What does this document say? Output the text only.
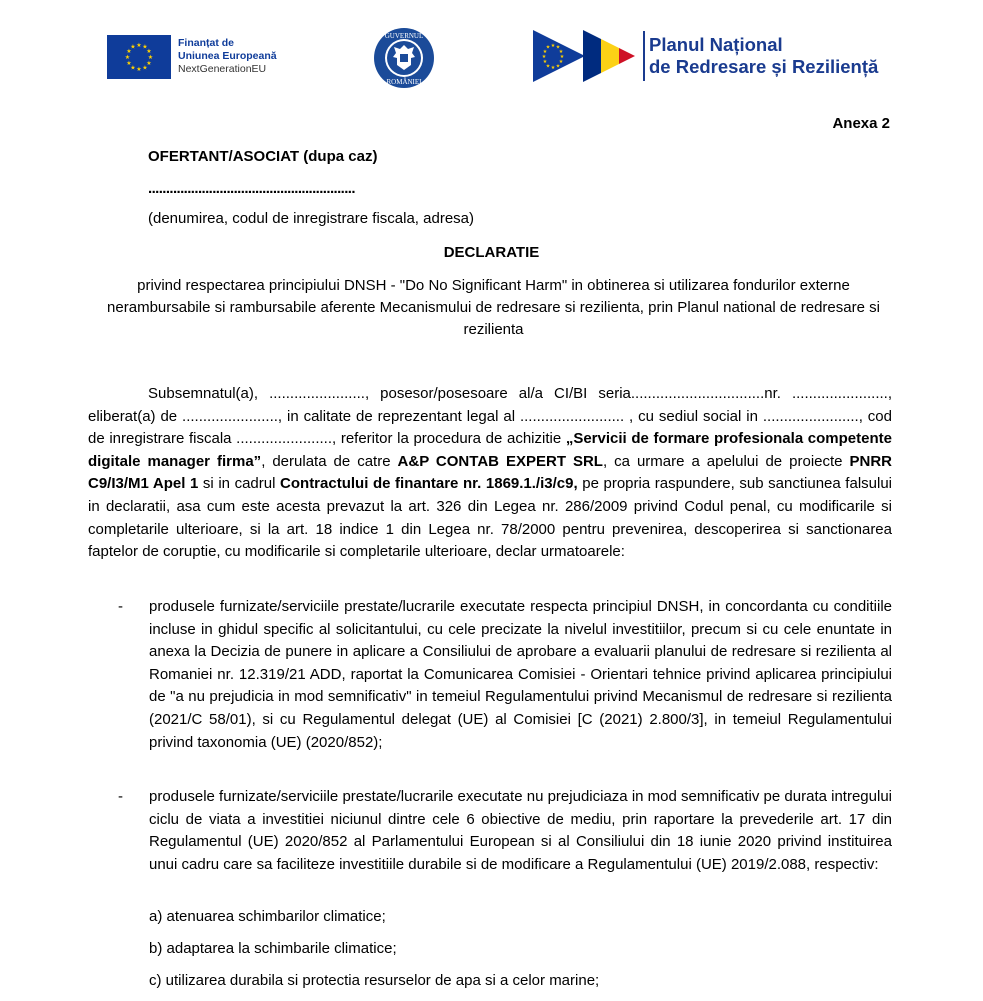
★ ★
★
★
★
★
★
★
★
★
★
★	Finanțat de
Uniunea Europeană
NextGenerationEU
GUVERNUL
ROMÂNIEI
★ ★
★
★
★
★
★
★
★
★
★
★	Planul Național
de Redresare și Reziliență
Anexa 2
OFERTANT/ASOCIAT (dupa caz)
..........................................................
(denumirea, codul de inregistrare fiscala, adresa)
DECLARATIE
privind respectarea principiului DNSH - "Do No Significant Harm" in obtinerea si utilizarea fondurilor externe nerambursabile si rambursabile aferente Mecanismului de redresare si rezilienta, prin Planul national de redresare si rezilienta
Subsemnatul(a), ......................., posesor/posesoare al/a CI/BI seria................................nr. ......................., eliberat(a) de ......................., in calitate de reprezentant legal al ......................... , cu sediul social in ......................., cod de inregistrare fiscala ......................., referitor la procedura de achizitie „Servicii de formare profesionala competente digitale manager firma”, derulata de catre A&P CONTAB EXPERT SRL, ca urmare a apelului de proiecte PNRR C9/I3/M1 Apel 1 si in cadrul Contractului de finantare nr. 1869.1./i3/c9, pe propria raspundere, sub sanctiunea falsului in declaratii, asa cum este acesta prevazut la art. 326 din Legea nr. 286/2009 privind Codul penal, cu modificarile si completarile ulterioare, si la art. 18 indice 1 din Legea nr. 78/2000 pentru prevenirea, descoperirea si sanctionarea faptelor de coruptie, cu modificarile si completarile ulterioare, declar urmatoarele:
- produsele furnizate/serviciile prestate/lucrarile executate respecta principiul DNSH, in concordanta cu conditiile incluse in ghidul specific al solicitantului, cu cele precizate la nivelul investitiilor, precum si cu cele enuntate in anexa la Decizia de punere in aplicare a Consiliului de aprobare a evaluarii planului de redresare si rezilienta al Romaniei nr. 12.319/21 ADD, raportat la Comunicarea Comisiei - Orientari tehnice privind aplicarea principiului de "a nu prejudicia in mod semnificativ" in temeiul Regulamentului privind Mecanismul de redresare si rezilienta (2021/C 58/01), si cu Regulamentul delegat (UE) al Comisiei [C (2021) 2.800/3], in temeiul Regulamentului privind taxonomia (UE) (2020/852);
- produsele furnizate/serviciile prestate/lucrarile executate nu prejudiciaza in mod semnificativ pe durata intregului ciclu de viata a investitiei niciunul dintre cele 6 obiective de mediu, prin raportare la prevederile art. 17 din Regulamentul (UE) 2020/852 al Parlamentului European si al Consiliului din 18 iunie 2020 privind instituirea unui cadru care sa faciliteze investitiile durabile si de modificare a Regulamentului (UE) 2019/2.088, respectiv:
a) atenuarea schimbarilor climatice;
b) adaptarea la schimbarile climatice;
c) utilizarea durabila si protectia resurselor de apa si a celor marine;
